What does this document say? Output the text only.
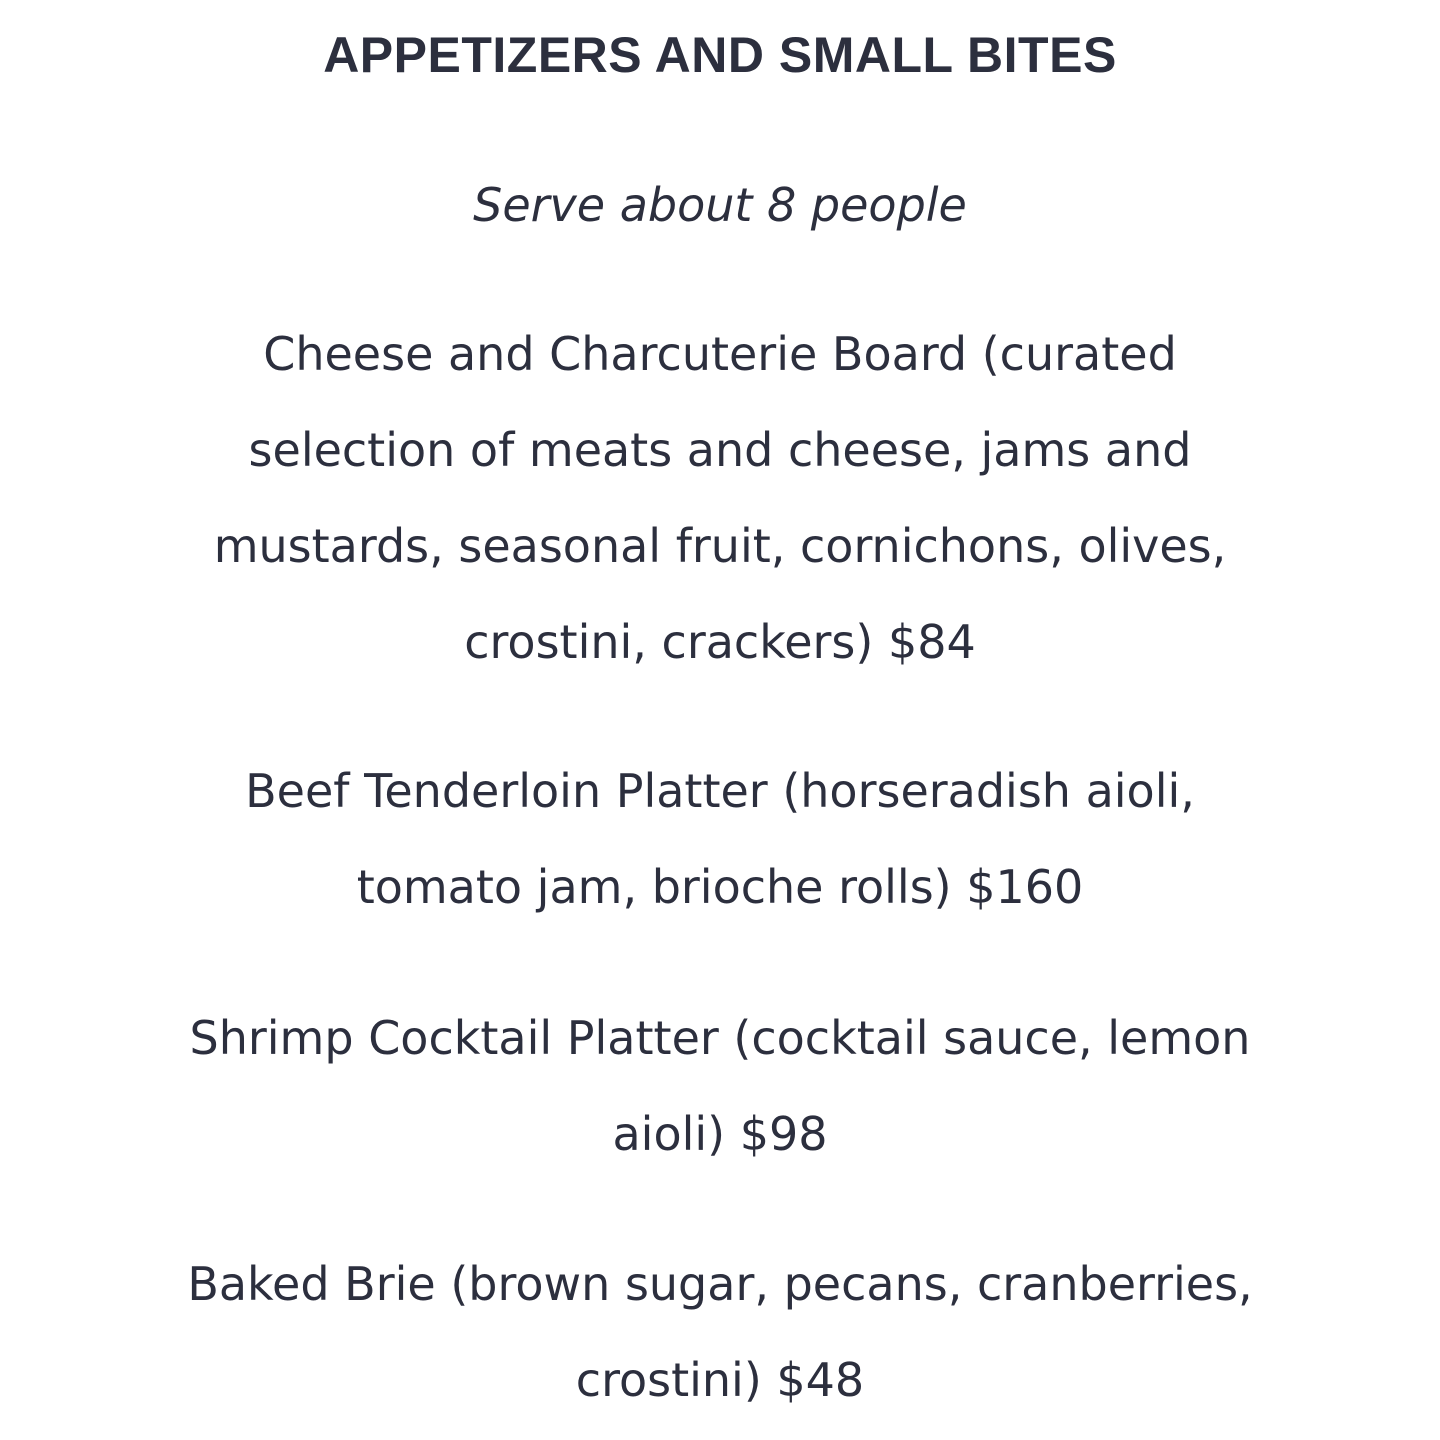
APPETIZERS AND SMALL BITES

Serve about 8 people

Cheese and Charcuterie Board (curated
selection of meats and cheese, jams and
mustards, seasonal fruit, cornichons, olives,
crostini, crackers) $84

Beef Tenderloin Platter (horseradish aioli,
tomato jam, brioche rolls) $160

Shrimp Cocktail Platter (cocktail sauce, lemon
aioli) $98

Baked Brie (brown sugar, pecans, cranberries,
crostini) $48
